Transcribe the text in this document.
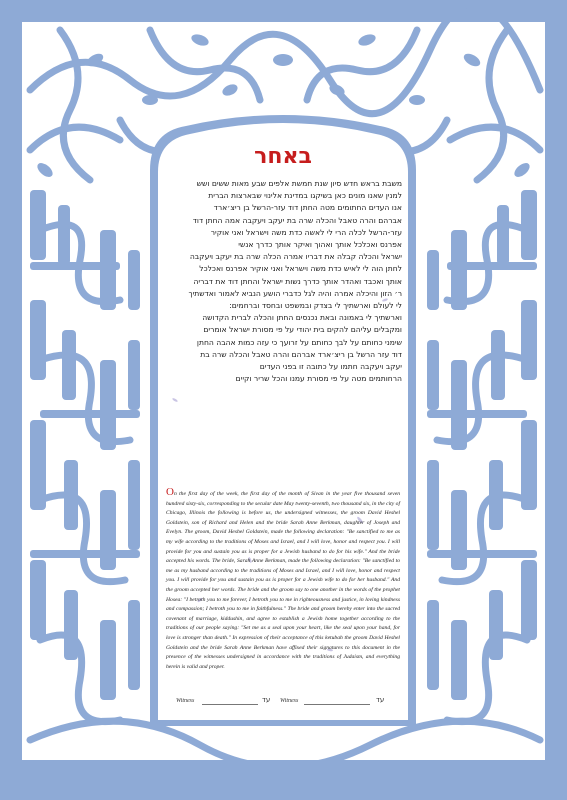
באחר
משבת בראש חדש סיון שנת חמשת אלפים שבע מאות ששים ושש
למנין שאנו מונים כאן בשיקגו במדינת אלינוי שבארצות הברית
אנו העדים החתומים מטה החתן דוד עזר-הרשל בן ריצ׳ארד
אברהם והרה טאבל והכלה שרה בת יעקב ויעקבה אמה החתן דוד
עזר-הרשל לכלה הרי לי לאשה כדת משה וישראל ואני אוקיר
אפרנס ואכלכל אותך ואהוך ואיקר אותך כדרך אנשי
ישראל והכלה קבלה את דבריו אמרה הכלה שרה בת יעקב ויעקבה
לחתן הוה לי לאיש כדת משה וישראל ואני אוקיר אפרנס ואכלכל
אותך ואכבד ואהדר אותך כדרך נשות ישראל והחתן דוד את דבריה
ר׳ הזון והיכלה אמרה והיה לגל כדברי הושע הנביא לאמור ואדשתיך
לי לעולם וארשתיך לי בצדק ובמשפט ובחסד וברחמים:
וארשתיך לי באמונה ובאת נכנסים החתן והכלה לברית הקדושה
ומקבלים עליהם להקים בית יהודי על פי מסורת ישראל אומרים
שימני כחותם על לבך כחותם על זרועך כי עזה כמות אהבה החתן
דוד עזר הרשל בן ריצ׳ארד אברהם והרה טאבל והכלה שרה בת
יעקב ויעקבה חתמו על כתובה זו בפני העדים
הרחותמים מטה על פי מסורת עמנו והכל שריר וקיים
On the first day of the week, the first day of the month of Sivan in the year five thousand seven hundred sixty-six, corresponding to the secular date May twenty-seventh, two thousand six, in the city of Chicago, Illinois the following is before us, the undersigned witnesses, the groom David Heshel Goldstein, son of Richard and Helen and the bride Sarah Anne Berkman, daughter of Joseph and Evelyn. The groom, David Heshel Goldstein, made the following declaration: "Be sanctified to me as my wife according to the traditions of Moses and Israel, and I will love, honor and respect you. I will provide for you and sustain you as is proper for a Jewish husband to do for his wife." And the bride accepted his words. The bride, Sarah Anne Berkman, made the following declaration: "Be sanctified to me as my husband according to the traditions of Moses and Israel, and I will love, honor and respect you. I will provide for you and sustain you as is proper for a Jewish wife to do for her husband." And the groom accepted her words. The bride and the groom say to one another in the words of the prophet Hosea: "I betroth you to me forever, I betroth you to me in righteousness and justice, in loving kindness and compassion; I betroth you to me in faithfulness." The bride and groom hereby enter into the sacred covenant of marriage, kiddushin, and agree to establish a Jewish home together according to the traditions of our people saying: "Set me as a seal upon your heart, like the seal upon your hand, for love is stronger than death." In expression of their acceptance of this ketubah the groom David Heshel Goldstein and the bride Sarah Anne Berkman have affixed their signatures to this document in the presence of the witnesses undersigned in accordance with the traditions of Judaism, and everything herein is valid and proper.
Witness	עד Witness	עד
